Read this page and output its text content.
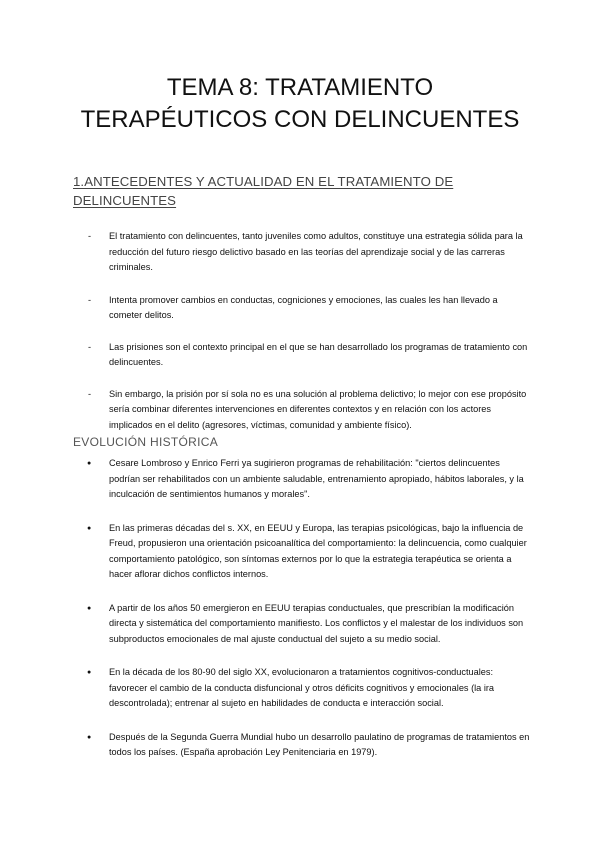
TEMA 8: TRATAMIENTO
TERAPÉUTICOS CON DELINCUENTES
1.ANTECEDENTES Y ACTUALIDAD EN EL TRATAMIENTO DE DELINCUENTES
- El tratamiento con delincuentes, tanto juveniles como adultos, constituye una estrategia sólida para la reducción del futuro riesgo delictivo basado en las teorías del aprendizaje social y de las carreras criminales.
- Intenta promover cambios en conductas, cogniciones y emociones, las cuales les han llevado a cometer delitos.
- Las prisiones son el contexto principal en el que se han desarrollado los programas de tratamiento con delincuentes.
- Sin embargo, la prisión por sí sola no es una solución al problema delictivo; lo mejor con ese propósito sería combinar diferentes intervenciones en diferentes contextos y en relación con los actores implicados en el delito (agresores, víctimas, comunidad y ambiente físico).
EVOLUCIÓN HISTÓRICA
● Cesare Lombroso y Enrico Ferri ya sugirieron programas de rehabilitación: "ciertos delincuentes podrían ser rehabilitados con un ambiente saludable, entrenamiento apropiado, hábitos laborales, y la inculcación de sentimientos humanos y morales".
● En las primeras décadas del s. XX, en EEUU y Europa, las terapias psicológicas, bajo la influencia de Freud, propusieron una orientación psicoanalítica del comportamiento: la delincuencia, como cualquier comportamiento patológico, son síntomas externos por lo que la estrategia terapéutica se orienta a hacer aflorar dichos conflictos internos.
● A partir de los años 50 emergieron en EEUU terapias conductuales, que prescribían la modificación directa y sistemática del comportamiento manifiesto. Los conflictos y el malestar de los individuos son subproductos emocionales de mal ajuste conductual del sujeto a su medio social.
● En la década de los 80-90 del siglo XX, evolucionaron a tratamientos cognitivos-conductuales: favorecer el cambio de la conducta disfuncional y otros déficits cognitivos y emocionales (la ira descontrolada); entrenar al sujeto en habilidades de conducta e interacción social.
● Después de la Segunda Guerra Mundial hubo un desarrollo paulatino de programas de tratamientos en todos los países. (España aprobación Ley Penitenciaria en 1979).
